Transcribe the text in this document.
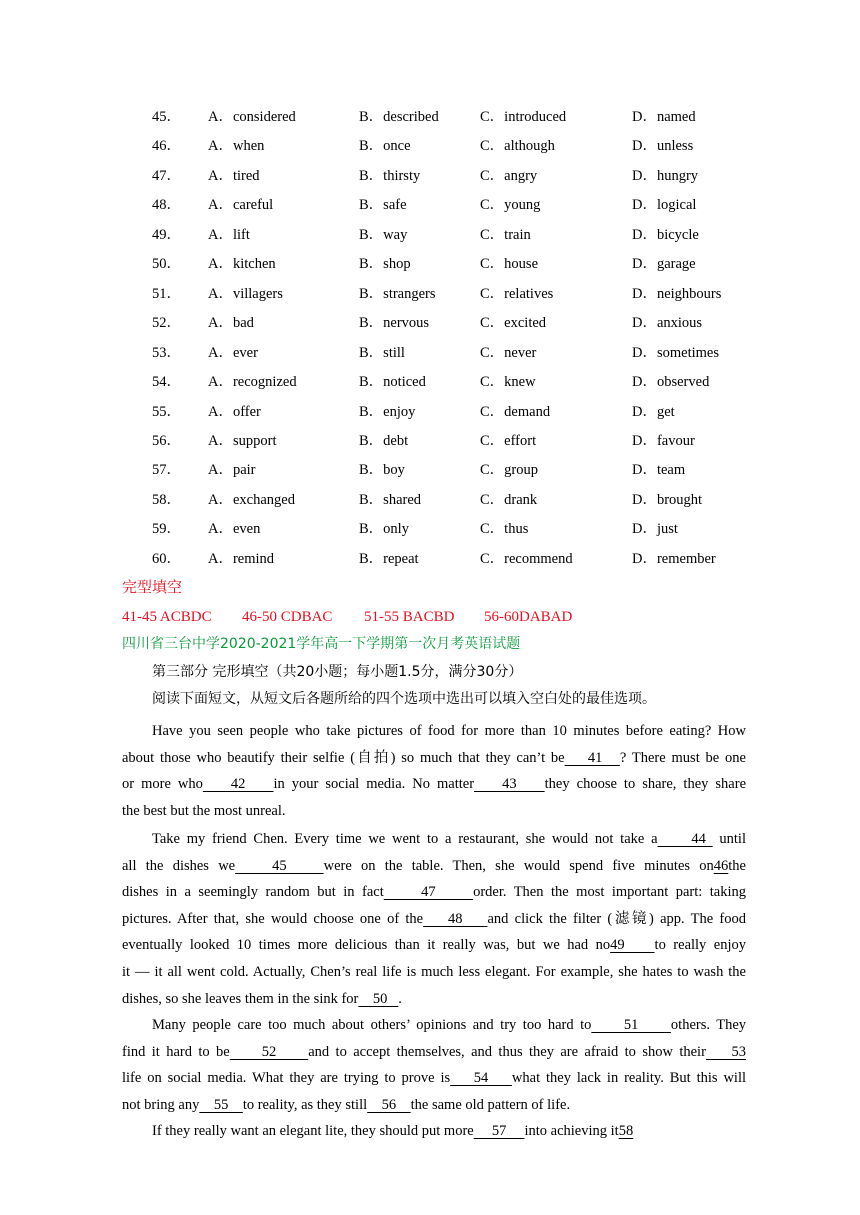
45． A．considered	B．described	C．introduced	D．named
46． A．when	B．once	C．although	D．unless
47． A．tired	B．thirsty	C．angry	D．hungry
48． A．careful	B．safe	C．young	D．logical
49． A．lift	B．way	C．train	D．bicycle
50． A．kitchen	B．shop	C．house	D．garage
51． A．villagers	B．strangers	C．relatives	D．neighbours
52． A．bad	B．nervous	C．excited	D．anxious
53． A．ever	B．still	C．never	D．sometimes
54． A．recognized	B．noticed	C．knew	D．observed
55． A．offer	B．enjoy	C．demand	D．get
56． A．support	B．debt	C．effort	D．favour
57． A．pair	B．boy	C．group	D．team
58． A．exchanged	B．shared	C．drank	D．brought
59． A．even	B．only	C．thus	D．just
60． A．remind	B．repeat	C．recommend	D．remember
完型填空
41-45 ACBDC 46-50 CDBAC 51-55 BACBD 56-60DABAD
四川省三台中学2020-2021学年高一下学期第一次月考英语试题
第三部分 完形填空（共20小题；每小题1.5分，满分30分）
阅读下面短文，从短文后各题所给的四个选项中选出可以填入空白处的最佳选项。
Have you seen people who take pictures of food for more than 10 minutes before eating? How
about those who beautify their selfie (自拍) so much that they can’t be    41   ? There must be one
or more who    42    in your social media. No matter    43    they choose to share, they share
the best but the most unreal.
Take my friend Chen. Every time we went to a restaurant, she would not take a     44  until
all the dishes we    45    were on the table. Then, she would spend five minutes on46the
dishes in a seemingly random but in fact     47     order. Then the most important part: taking
pictures. After that, she would choose one of the    48    and click the filter (滤镜) app. The food
eventually looked 10 times more delicious than it really was, but we had no49    to really enjoy
it — it all went cold. Actually, Chen’s real life is much less elegant. For example, she hates to wash the
dishes, so she leaves them in the sink for    50   .
Many people care too much about others’ opinions and try too hard to     51     others. They
find it hard to be     52     and to accept themselves, and thus they are afraid to show their    53
life on social media. What they are trying to prove is    54    what they lack in reality. But this will
not bring any    55    to reality, as they still    56    the same old pattern of life.
If they really want an elegant lite, they should put more     57     into achieving it58
